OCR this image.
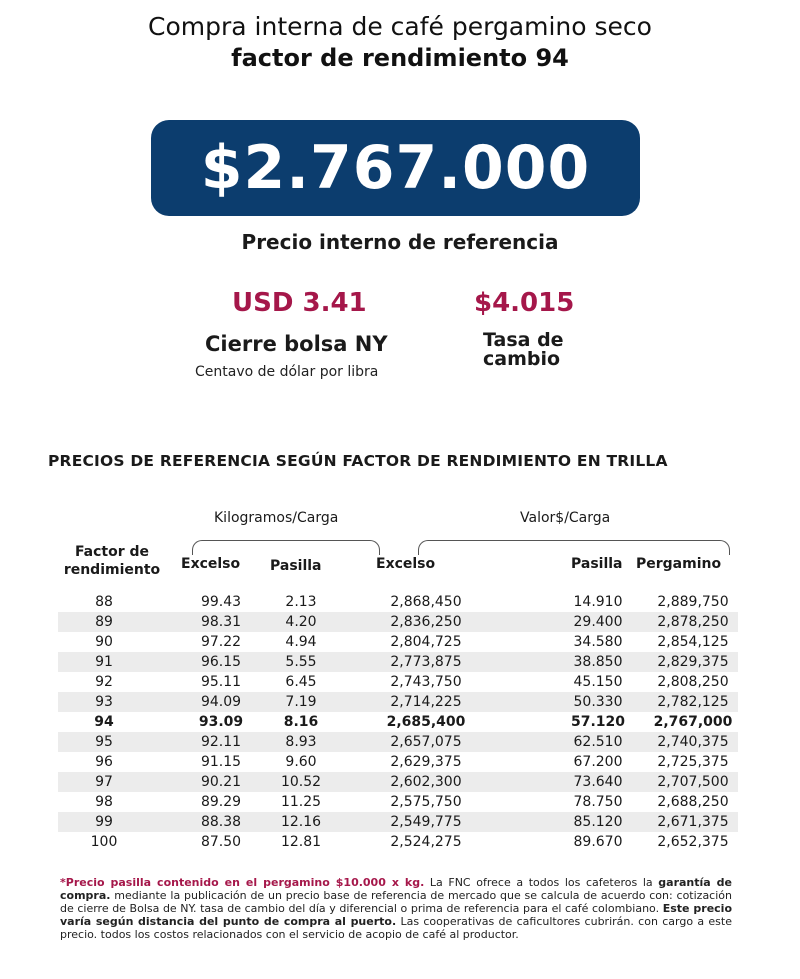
Compra interna de café pergamino seco
factor de rendimiento 94
$2.767.000
Precio interno de referencia
USD 3.41
Cierre bolsa NY
Centavo de dólar por libra
$4.015
Tasa de cambio
PRECIOS DE REFERENCIA SEGÚN FACTOR DE RENDIMIENTO EN TRILLA
Kilogramos/Carga	Valor$/Carga
Factor de rendimiento	Excelso Pasilla	Excelso	Pasilla Pergamino
88	99.43	2.13	2,868,450	14.910	2,889,750
89	98.31	4.20	2,836,250	29.400	2,878,250
90	97.22	4.94	2,804,725	34.580	2,854,125
91	96.15	5.55	2,773,875	38.850	2,829,375
92	95.11	6.45	2,743,750	45.150	2,808,250
93	94.09	7.19	2,714,225	50.330	2,782,125
94	93.09	8.16	2,685,400	57.120	2,767,000
95	92.11	8.93	2,657,075	62.510	2,740,375
96	91.15	9.60	2,629,375	67.200	2,725,375
97	90.21	10.52	2,602,300	73.640	2,707,500
98	89.29	11.25	2,575,750	78.750	2,688,250
99	88.38	12.16	2,549,775	85.120	2,671,375
100	87.50	12.81	2,524,275	89.670	2,652,375
*Precio pasilla contenido en el pergamino $10.000 x kg. La FNC ofrece a todos los cafeteros la garantía de compra. mediante la publicación de un precio base de referencia de mercado que se calcula de acuerdo con: cotización de cierre de Bolsa de NY. tasa de cambio del día y diferencial o prima de referencia para el café colombiano. Este precio varía según distancia del punto de compra al puerto. Las cooperativas de caficultores cubrirán. con cargo a este precio. todos los costos relacionados con el servicio de acopio de café al productor.
